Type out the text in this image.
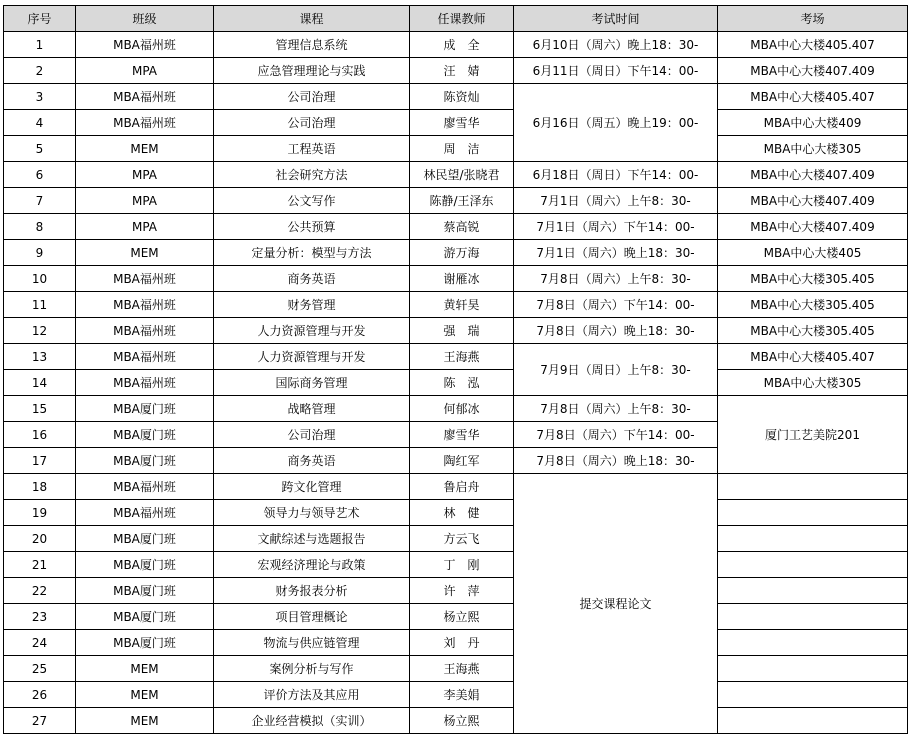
序号	班级	课程	任课教师	考试时间	考场
1	MBA福州班	管理信息系统	成　全	6月10日（周六）晚上18：30-	MBA中心大楼405.407
2	MPA	应急管理理论与实践	汪　婧	6月11日（周日）下午14：00-	MBA中心大楼407.409
3	MBA福州班	公司治理	陈资灿	6月16日（周五）晚上19：00-	MBA中心大楼405.407
4	MBA福州班	公司治理	廖雪华		MBA中心大楼409
5	MEM	工程英语	周　洁		MBA中心大楼305
6	MPA	社会研究方法	林民望/张晓君	6月18日（周日）下午14：00-	MBA中心大楼407.409
7	MPA	公文写作	陈静/王泽东	7月1日（周六）上午8：30-	MBA中心大楼407.409
8	MPA	公共预算	蔡高锐	7月1日（周六）下午14：00-	MBA中心大楼407.409
9	MEM	定量分析：模型与方法	游万海	7月1日（周六）晚上18：30-	MBA中心大楼405
10	MBA福州班	商务英语	谢雁冰	7月8日（周六）上午8：30-	MBA中心大楼305.405
11	MBA福州班	财务管理	黄轩昊	7月8日（周六）下午14：00-	MBA中心大楼305.405
12	MBA福州班	人力资源管理与开发	强　瑞	7月8日（周六）晚上18：30-	MBA中心大楼305.405
13	MBA福州班	人力资源管理与开发	王海燕	7月9日（周日）上午8：30-	MBA中心大楼405.407
14	MBA福州班	国际商务管理	陈　泓		MBA中心大楼305
15	MBA厦门班	战略管理	何郁冰	7月8日（周六）上午8：30-	厦门工艺美院201
16	MBA厦门班	公司治理	廖雪华	7月8日（周六）下午14：00-	
17	MBA厦门班	商务英语	陶红军	7月8日（周六）晚上18：30-	
18	MBA福州班	跨文化管理	鲁启舟	提交课程论文	
19	MBA福州班	领导力与领导艺术	林　健		
20	MBA厦门班	文献综述与选题报告	方云飞		
21	MBA厦门班	宏观经济理论与政策	丁　刚		
22	MBA厦门班	财务报表分析	许　萍		
23	MBA厦门班	项目管理概论	杨立熙		
24	MBA厦门班	物流与供应链管理	刘　丹		
25	MEM	案例分析与写作	王海燕		
26	MEM	评价方法及其应用	李美娟		
27	MEM	企业经营模拟（实训）	杨立熙		
